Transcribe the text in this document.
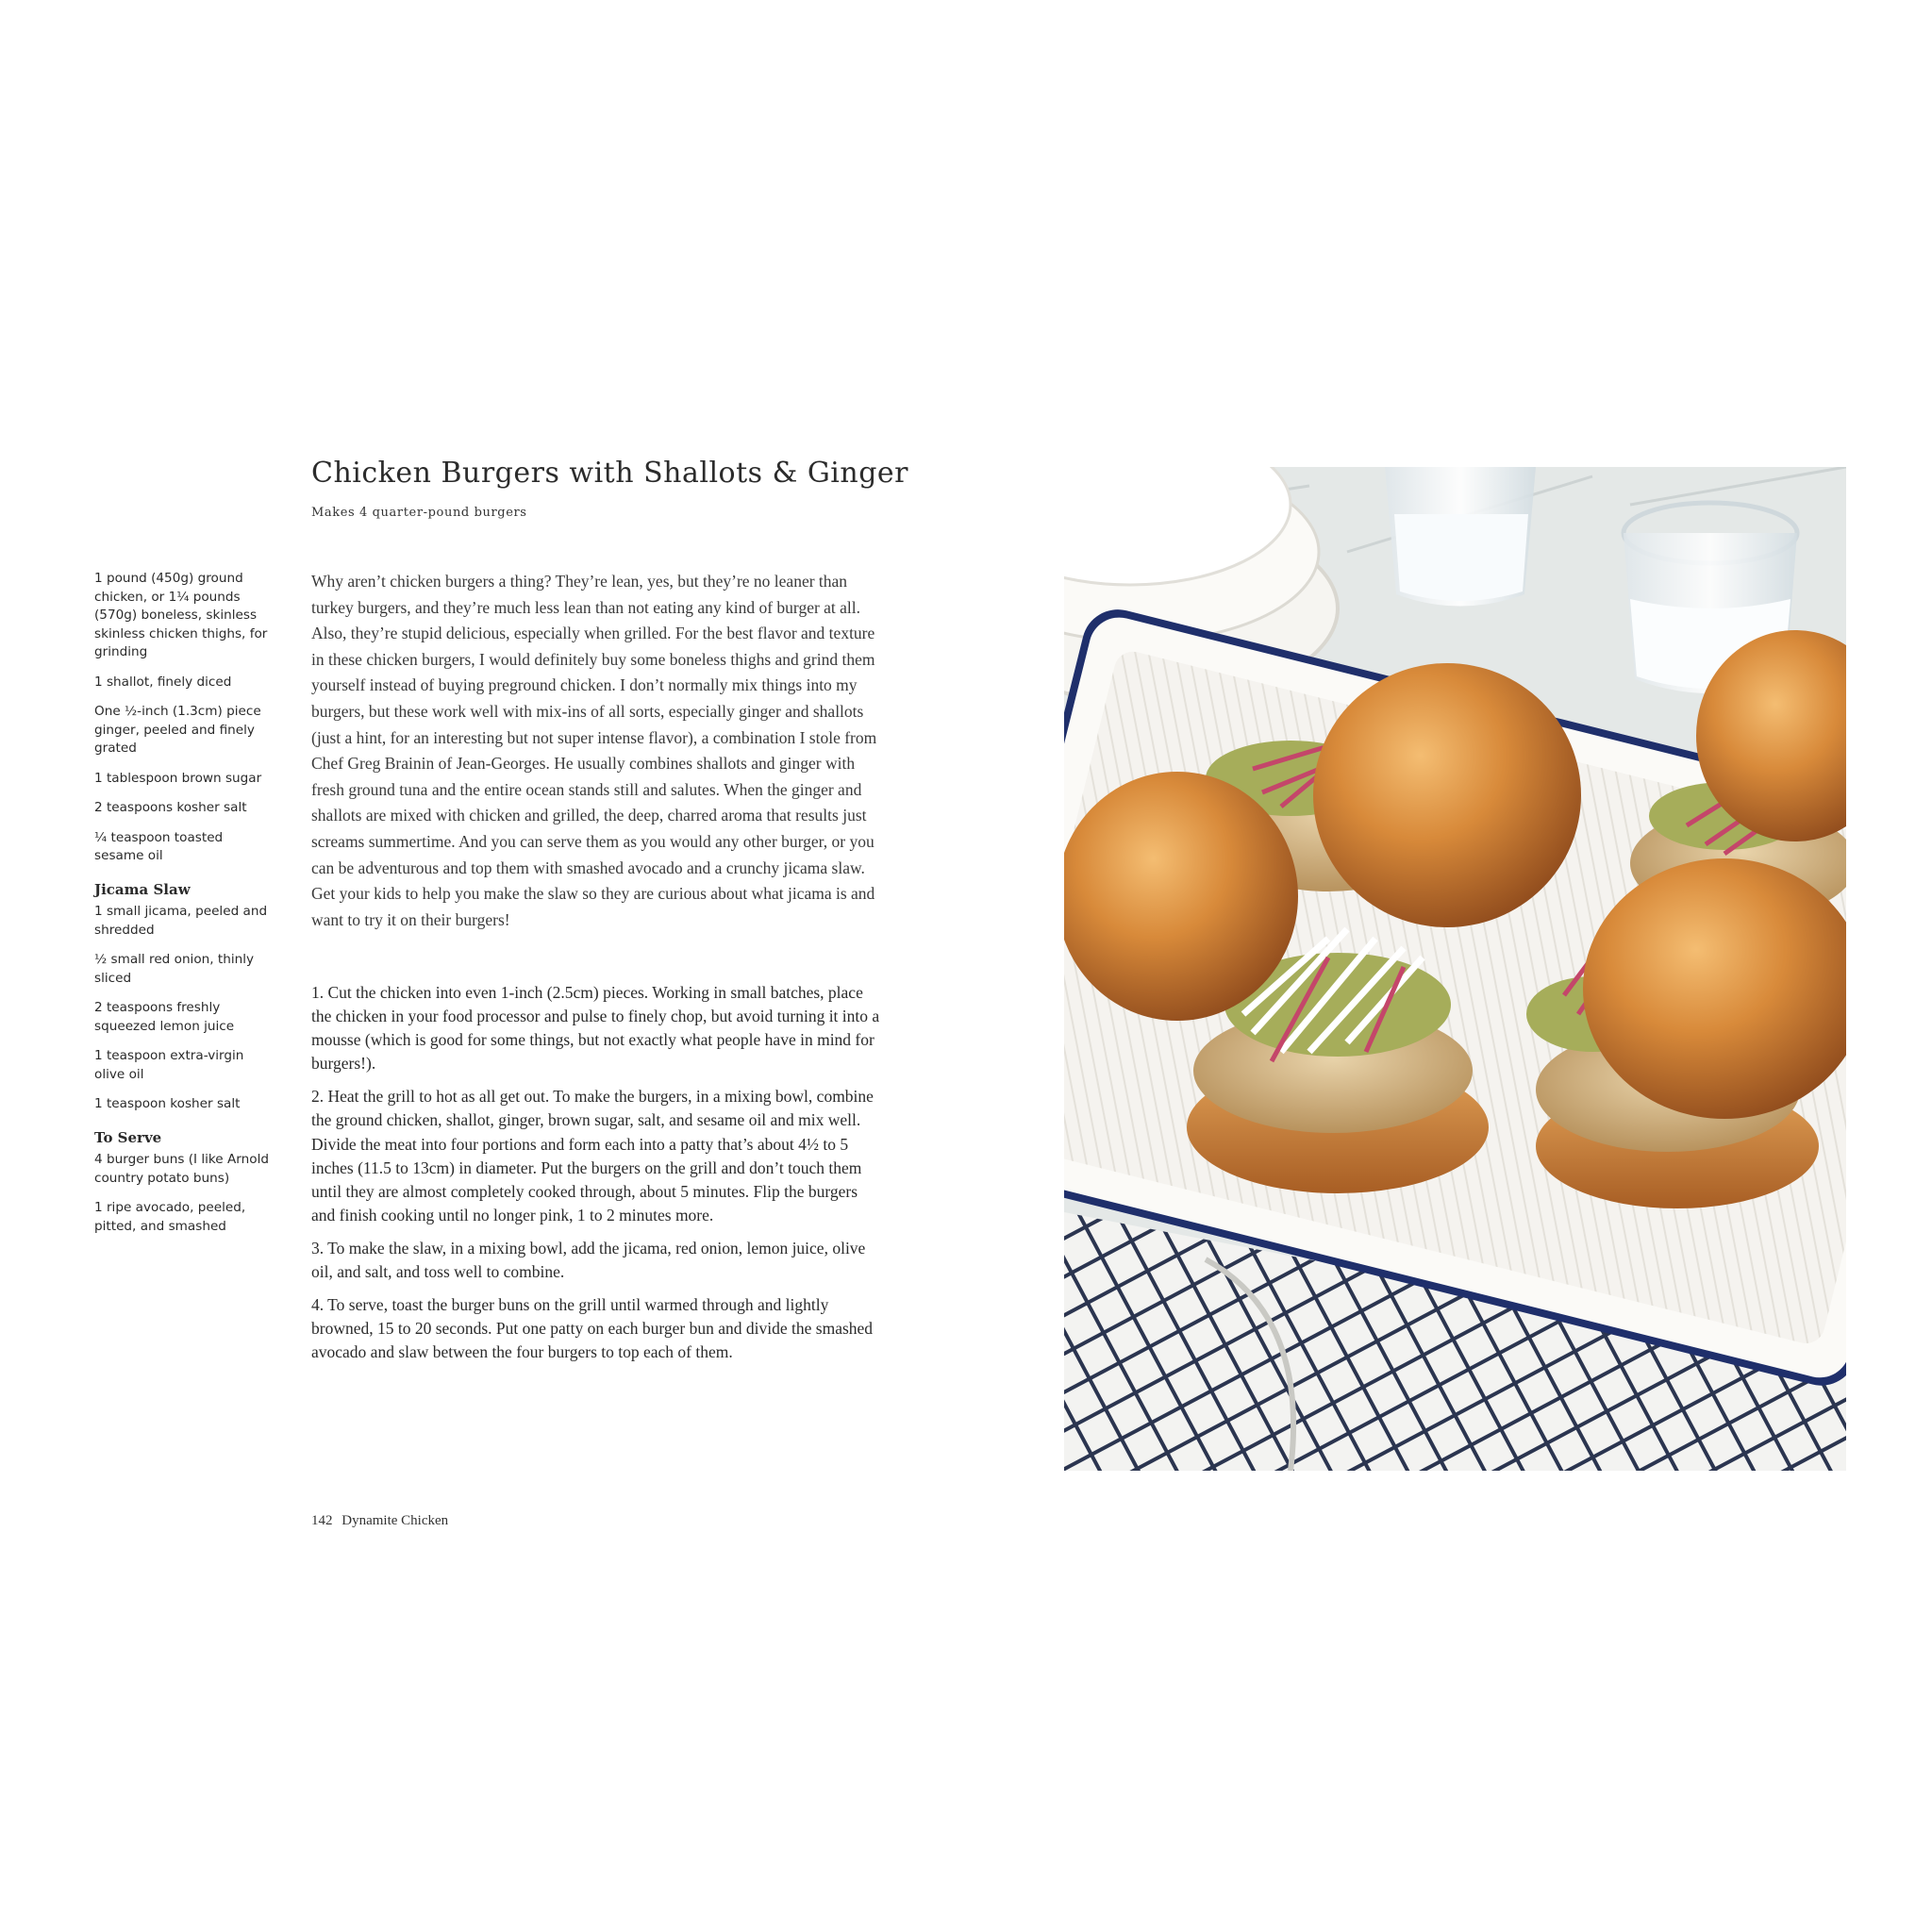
Chicken Burgers with Shallots & Ginger
Makes 4 quarter-pound burgers
1 pound (450g) ground chicken, or 1¼ pounds (570g) boneless, skinless skinless chicken thighs, for grinding
1 shallot, finely diced
One ½-inch (1.3cm) piece ginger, peeled and finely grated
1 tablespoon brown sugar
2 teaspoons kosher salt
¼ teaspoon toasted sesame oil
Jicama Slaw
1 small jicama, peeled and shredded
½ small red onion, thinly sliced
2 teaspoons freshly squeezed lemon juice
1 teaspoon extra-virgin olive oil
1 teaspoon kosher salt
To Serve
4 burger buns (I like Arnold country potato buns)
1 ripe avocado, peeled, pitted, and smashed

Why aren’t chicken burgers a thing? They’re lean, yes, but they’re no leaner than turkey burgers, and they’re much less lean than not eating any kind of burger at all. Also, they’re stupid delicious, especially when grilled. For the best flavor and texture in these chicken burgers, I would definitely buy some boneless thighs and grind them yourself instead of buying preground chicken. I don’t normally mix things into my burgers, but these work well with mix-ins of all sorts, especially ginger and shallots (just a hint, for an interesting but not super intense flavor), a combination I stole from Chef Greg Brainin of Jean-Georges. He usually combines shallots and ginger with fresh ground tuna and the entire ocean stands still and salutes. When the ginger and shallots are mixed with chicken and grilled, the deep, charred aroma that results just screams summertime. And you can serve them as you would any other burger, or you can be adventurous and top them with smashed avocado and a crunchy jicama slaw. Get your kids to help you make the slaw so they are curious about what jicama is and want to try it on their burgers!

1. Cut the chicken into even 1-inch (2.5cm) pieces. Working in small batches, place the chicken in your food processor and pulse to finely chop, but avoid turning it into a mousse (which is good for some things, but not exactly what people have in mind for burgers!).

2. Heat the grill to hot as all get out. To make the burgers, in a mixing bowl, combine the ground chicken, shallot, ginger, brown sugar, salt, and sesame oil and mix well. Divide the meat into four portions and form each into a patty that’s about 4½ to 5 inches (11.5 to 13cm) in diameter. Put the burgers on the grill and don’t touch them until they are almost completely cooked through, about 5 minutes. Flip the burgers and finish cooking until no longer pink, 1 to 2 minutes more.

3. To make the slaw, in a mixing bowl, add the jicama, red onion, lemon juice, olive oil, and salt, and toss well to combine.

4. To serve, toast the burger buns on the grill until warmed through and lightly browned, 15 to 20 seconds. Put one patty on each burger bun and divide the smashed avocado and slaw between the four burgers to top each of them.

142 Dynamite Chicken
